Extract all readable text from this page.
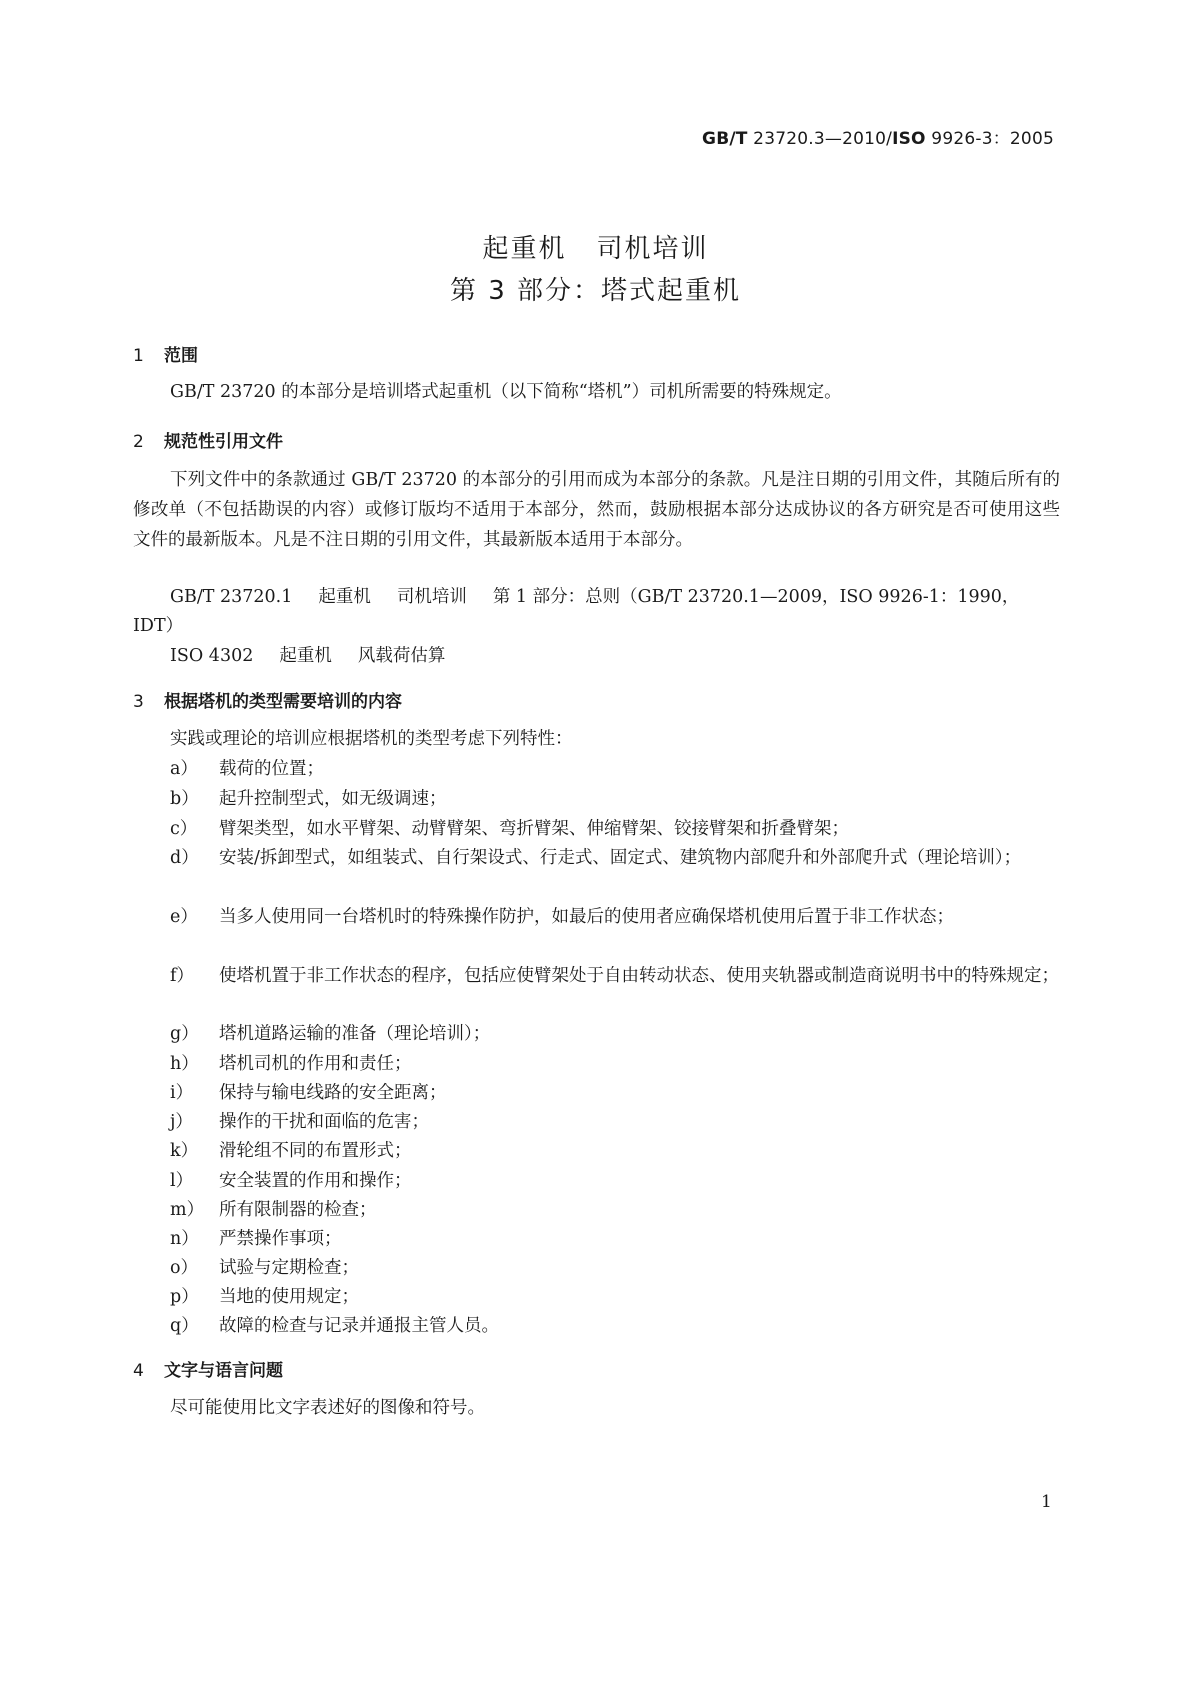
GB/T 23720.3—2010/ISO 9926-3：2005
起重机 司机培训
第 3 部分：塔式起重机
1 范围

GB/T 23720 的本部分是培训塔式起重机（以下简称“塔机”）司机所需要的特殊规定。

2 规范性引用文件

下列文件中的条款通过 GB/T 23720 的本部分的引用而成为本部分的条款。凡是注日期的引用文件，其随后所有的修改单（不包括勘误的内容）或修订版均不适用于本部分，然而，鼓励根据本部分达成协议的各方研究是否可使用这些文件的最新版本。凡是不注日期的引用文件，其最新版本适用于本部分。

GB/T 23720.1 起重机 司机培训 第 1 部分：总则（GB/T 23720.1—2009，ISO 9926-1：1990，
IDT）
ISO 4302 起重机 风载荷估算
3 根据塔机的类型需要培训的内容
实践或理论的培训应根据塔机的类型考虑下列特性：
a）	载荷的位置；
b）	起升控制型式，如无级调速；
c）	臂架类型，如水平臂架、动臂臂架、弯折臂架、伸缩臂架、铰接臂架和折叠臂架；
d）	安装/拆卸型式，如组装式、自行架设式、行走式、固定式、建筑物内部爬升和外部爬升式（理论培训）；
e）	当多人使用同一台塔机时的特殊操作防护，如最后的使用者应确保塔机使用后置于非工作状态；
f）	使塔机置于非工作状态的程序，包括应使臂架处于自由转动状态、使用夹轨器或制造商说明书中的特殊规定；
g）	塔机道路运输的准备（理论培训）；
h）	塔机司机的作用和责任；
i）	保持与输电线路的安全距离；
j）	操作的干扰和面临的危害；
k）	滑轮组不同的布置形式；
l）	安全装置的作用和操作；
m） 所有限制器的检查；
n）	严禁操作事项；
o）	试验与定期检查；
p）	当地的使用规定；
q）	故障的检查与记录并通报主管人员。
4 文字与语言问题
尽可能使用比文字表述好的图像和符号。
1
